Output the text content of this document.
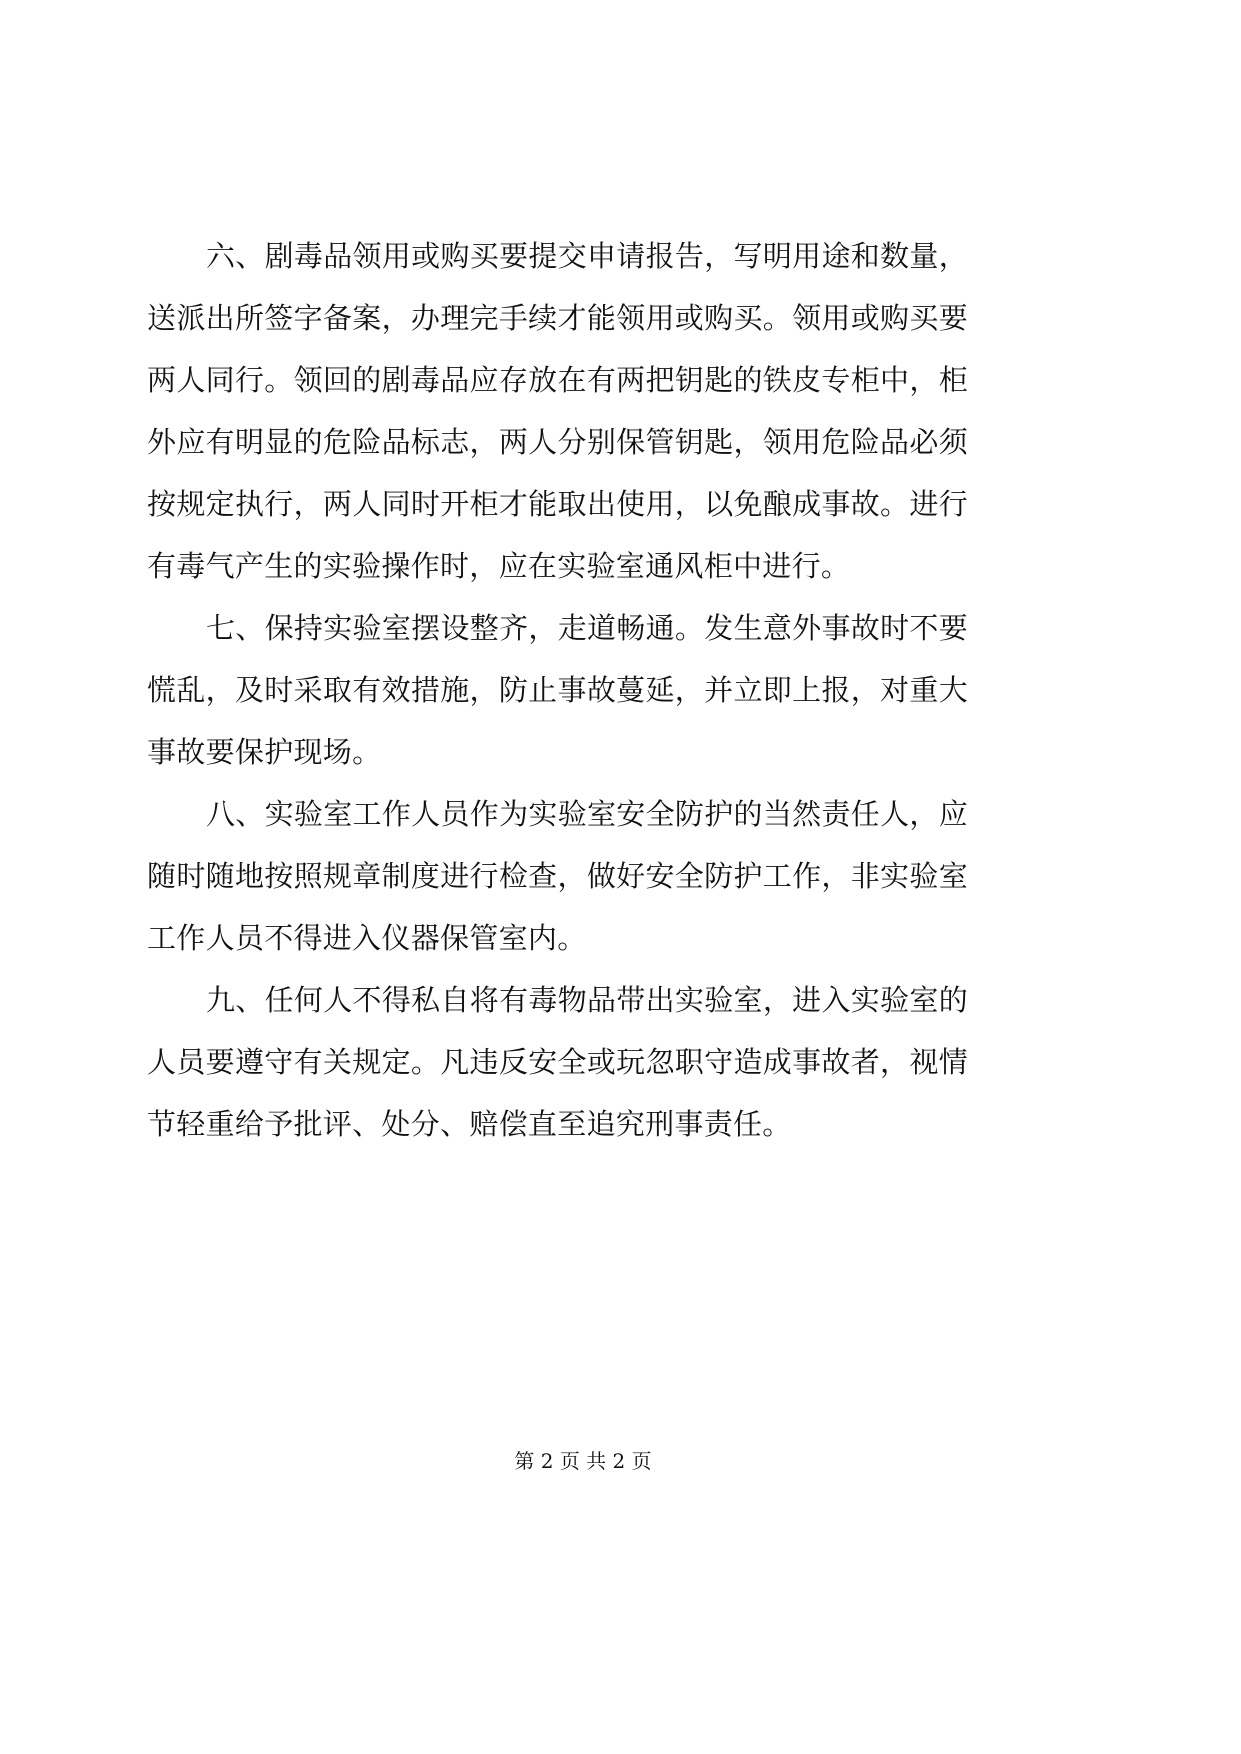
六、剧毒品领用或购买要提交申请报告，写明用途和数量，
送派出所签字备案，办理完手续才能领用或购买。领用或购买要
两人同行。领回的剧毒品应存放在有两把钥匙的铁皮专柜中，柜
外应有明显的危险品标志，两人分别保管钥匙，领用危险品必须
按规定执行，两人同时开柜才能取出使用，以免酿成事故。进行
有毒气产生的实验操作时，应在实验室通风柜中进行。
七、保持实验室摆设整齐，走道畅通。发生意外事故时不要
慌乱，及时采取有效措施，防止事故蔓延，并立即上报，对重大
事故要保护现场。
八、实验室工作人员作为实验室安全防护的当然责任人，应
随时随地按照规章制度进行检查，做好安全防护工作，非实验室
工作人员不得进入仪器保管室内。
九、任何人不得私自将有毒物品带出实验室，进入实验室的
人员要遵守有关规定。凡违反安全或玩忽职守造成事故者，视情
节轻重给予批评、处分、赔偿直至追究刑事责任。
第 2 页 共 2 页
